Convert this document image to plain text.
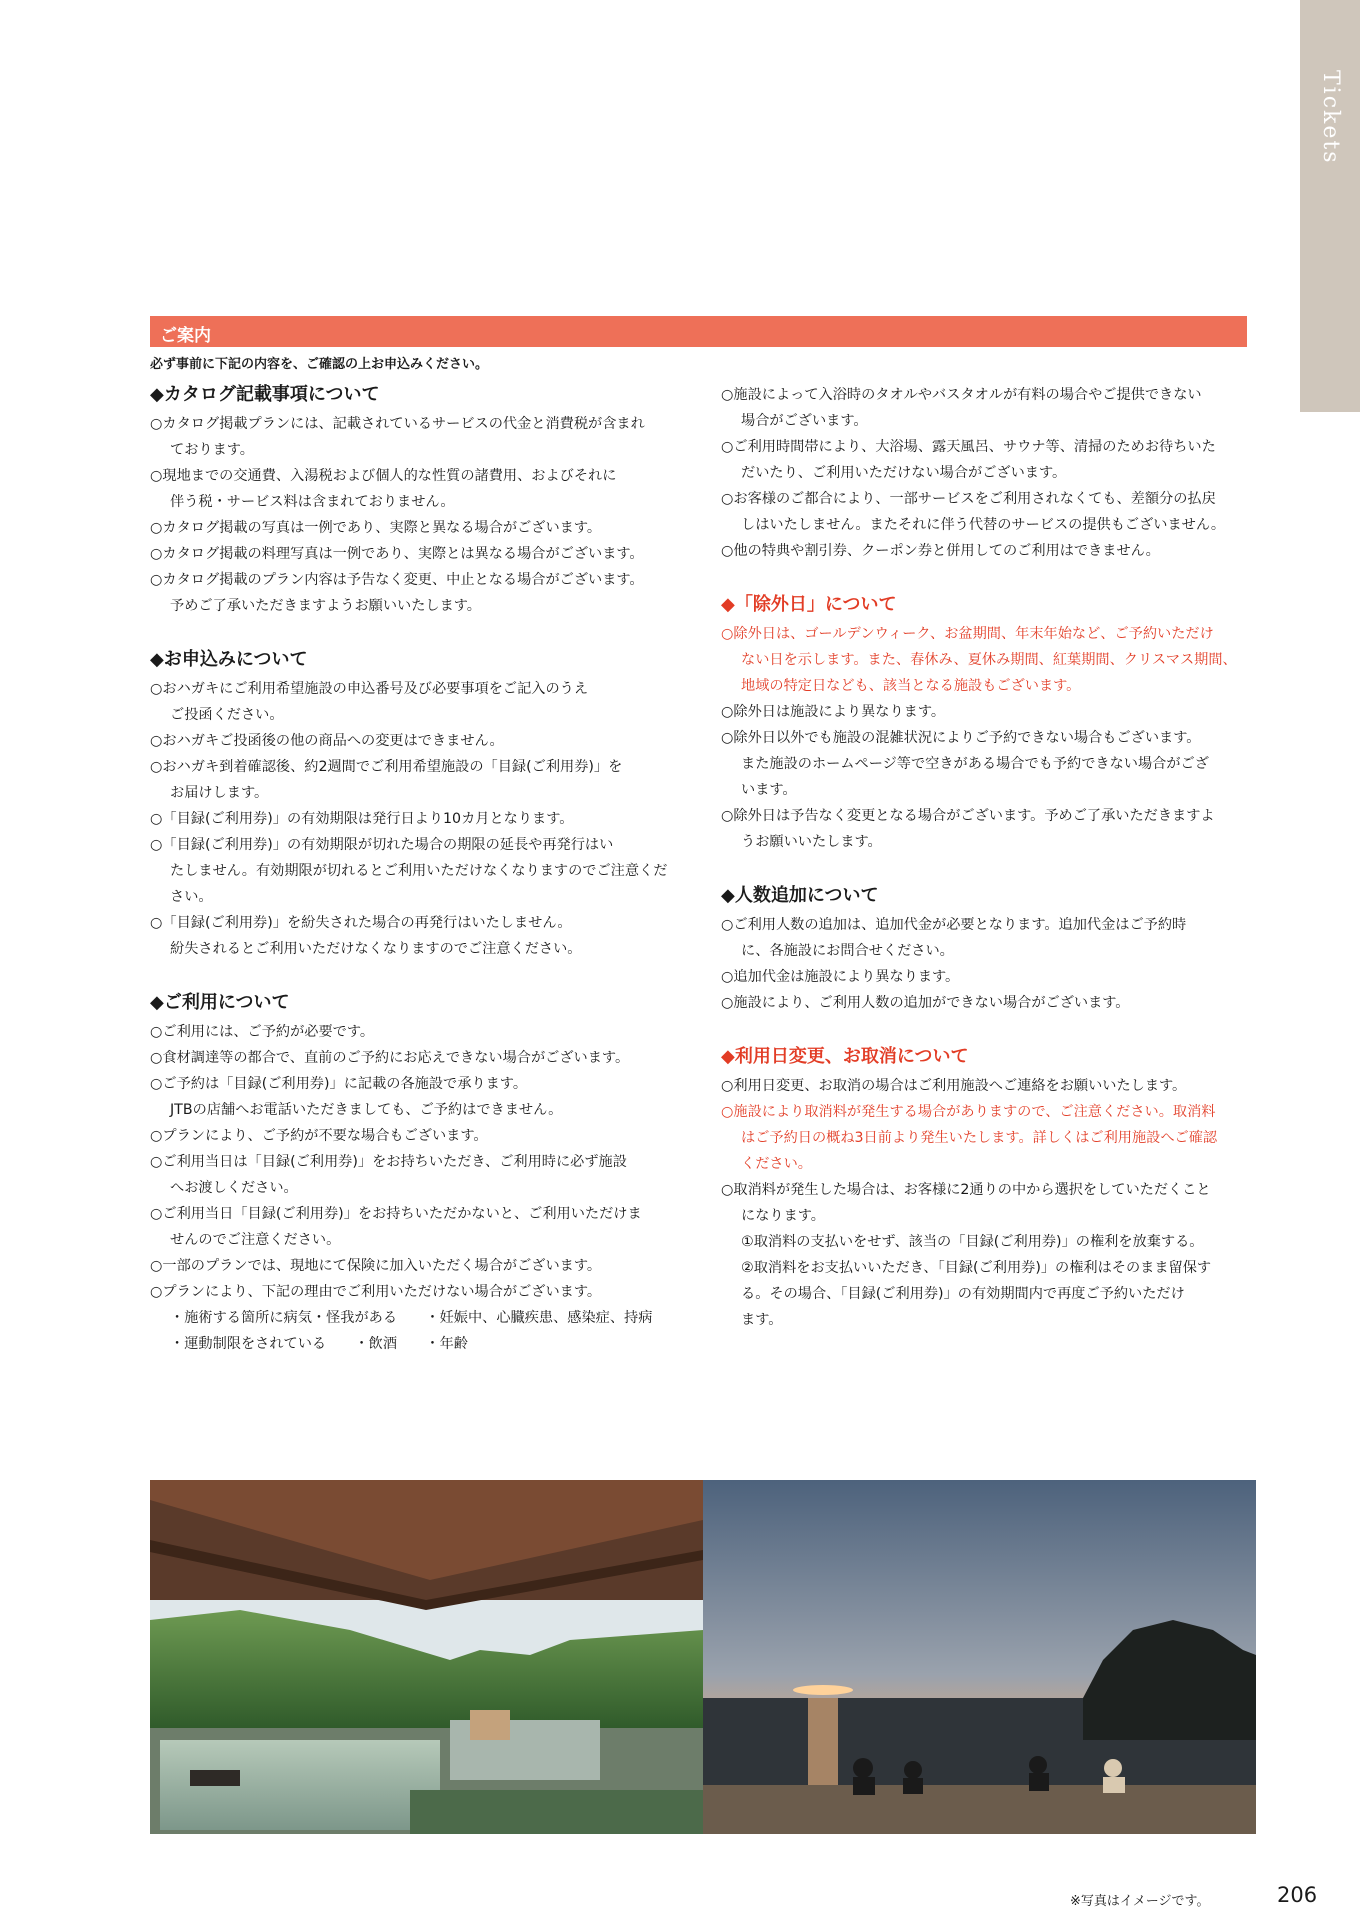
Tickets
ご案内
必ず事前に下記の内容を、ご確認の上お申込みください。
◆カタログ記載事項について
○カタログ掲載プランには、記載されているサービスの代金と消費税が含まれ
ております。
○現地までの交通費、入湯税および個人的な性質の諸費用、およびそれに
伴う税・サービス料は含まれておりません。
○カタログ掲載の写真は一例であり、実際と異なる場合がございます。
○カタログ掲載の料理写真は一例であり、実際とは異なる場合がございます。
○カタログ掲載のプラン内容は予告なく変更、中止となる場合がございます。
予めご了承いただきますようお願いいたします。
◆お申込みについて
○おハガキにご利用希望施設の申込番号及び必要事項をご記入のうえ
ご投函ください。
○おハガキご投函後の他の商品への変更はできません。
○おハガキ到着確認後、約2週間でご利用希望施設の「目録(ご利用券)」を
お届けします。
○「目録(ご利用券)」の有効期限は発行日より10カ月となります。
○「目録(ご利用券)」の有効期限が切れた場合の期限の延長や再発行はい
たしません。有効期限が切れるとご利用いただけなくなりますのでご注意くだ
さい。
○「目録(ご利用券)」を紛失された場合の再発行はいたしません。
紛失されるとご利用いただけなくなりますのでご注意ください。
◆ご利用について
○ご利用には、ご予約が必要です。
○食材調達等の都合で、直前のご予約にお応えできない場合がございます。
○ご予約は「目録(ご利用券)」に記載の各施設で承ります。
JTBの店舗へお電話いただきましても、ご予約はできません。
○プランにより、ご予約が不要な場合もございます。
○ご利用当日は「目録(ご利用券)」をお持ちいただき、ご利用時に必ず施設
へお渡しください。
○ご利用当日「目録(ご利用券)」をお持ちいただかないと、ご利用いただけま
せんのでご注意ください。
○一部のプランでは、現地にて保険に加入いただく場合がございます。
○プランにより、下記の理由でご利用いただけない場合がございます。
・施術する箇所に病気・怪我がある　　・妊娠中、心臓疾患、感染症、持病
・運動制限をされている　　・飲酒　　・年齢
○施設によって入浴時のタオルやバスタオルが有料の場合やご提供できない
場合がございます。
○ご利用時間帯により、大浴場、露天風呂、サウナ等、清掃のためお待ちいた
だいたり、ご利用いただけない場合がございます。
○お客様のご都合により、一部サービスをご利用されなくても、差額分の払戻
しはいたしません。またそれに伴う代替のサービスの提供もございません。
○他の特典や割引券、クーポン券と併用してのご利用はできません。
◆「除外日」について
○除外日は、ゴールデンウィーク、お盆期間、年末年始など、ご予約いただけ
ない日を示します。また、春休み、夏休み期間、紅葉期間、クリスマス期間、
地域の特定日なども、該当となる施設もございます。
○除外日は施設により異なります。
○除外日以外でも施設の混雑状況によりご予約できない場合もございます。
また施設のホームページ等で空きがある場合でも予約できない場合がござ
います。
○除外日は予告なく変更となる場合がございます。予めご了承いただきますよ
うお願いいたします。
◆人数追加について
○ご利用人数の追加は、追加代金が必要となります。追加代金はご予約時
に、各施設にお問合せください。
○追加代金は施設により異なります。
○施設により、ご利用人数の追加ができない場合がございます。
◆利用日変更、お取消について
○利用日変更、お取消の場合はご利用施設へご連絡をお願いいたします。
○施設により取消料が発生する場合がありますので、ご注意ください。取消料
はご予約日の概ね3日前より発生いたします。詳しくはご利用施設へご確認
ください。
○取消料が発生した場合は、お客様に2通りの中から選択をしていただくこと
になります。
①取消料の支払いをせず、該当の「目録(ご利用券)」の権利を放棄する。
②取消料をお支払いいただき、「目録(ご利用券)」の権利はそのまま留保す
る。その場合、「目録(ご利用券)」の有効期間内で再度ご予約いただけ
ます。
※写真はイメージです。	206
